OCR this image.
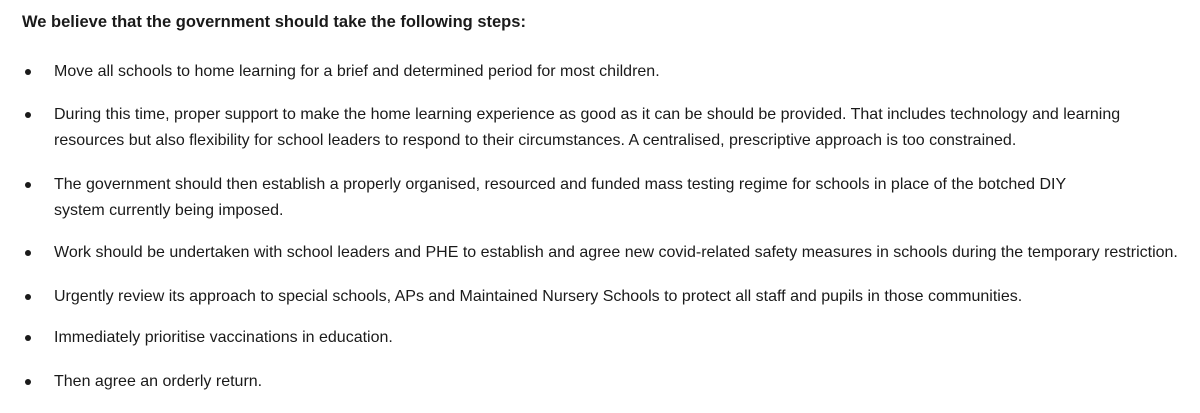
We believe that the government should take the following steps:
Move all schools to home learning for a brief and determined period for most children.
During this time, proper support to make the home learning experience as good as it can be should be provided. That includes technology and learning resources but also flexibility for school leaders to respond to their circumstances. A centralised, prescriptive approach is too constrained.
The government should then establish a properly organised, resourced and funded mass testing regime for schools in place of the botched DIY system currently being imposed.
Work should be undertaken with school leaders and PHE to establish and agree new covid-related safety measures in schools during the temporary restriction.
Urgently review its approach to special schools, APs and Maintained Nursery Schools to protect all staff and pupils in those communities.
Immediately prioritise vaccinations in education.
Then agree an orderly return.
